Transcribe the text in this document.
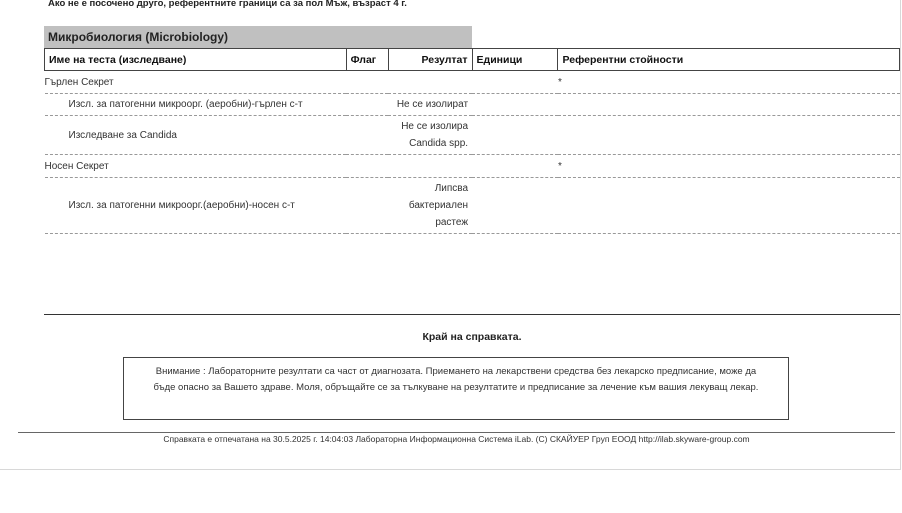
Ако не е посочено друго, референтните граници са за пол Мъж, възраст 4 г.
Микробиология (Microbiology)
Име на теста (изследване)	Флаг	Резултат	Единици	Референтни стойности
Гърлен Секрет				*
Изсл. за патогенни микроорг. (аеробни)-гърлен с-т		Не се изолират		
Изследване за Candida		Не се изолира Candida spp.		
Носен Секрет				*
Изсл. за патогенни микроорг.(аеробни)-носен с-т		Липсва бактериален растеж		
Край на справката.
Внимание : Лабораторните резултати са част от диагнозата. Приемането на лекарствени средства без лекарско предписание, може да бъде опасно за Вашето здраве. Моля, обръщайте се за тълкуване на резултатите и предписание за лечение към вашия лекуващ лекар.
Справката е отпечатана на 30.5.2025 г. 14:04:03 Лабораторна Информационна Система iLab. (C) СКАЙУЕР Груп ЕООД http://ilab.skyware-group.com
